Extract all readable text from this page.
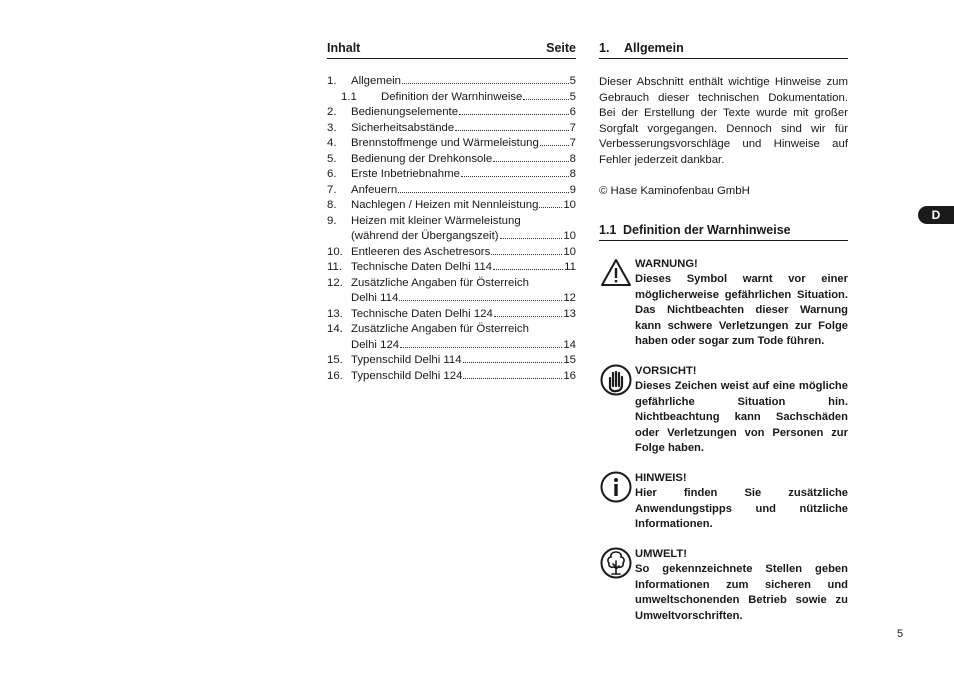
Inhalt	Seite
1.	Allgemein	5
1.1	Definition der Warnhinweise	5
2.	Bedienungselemente	6
3.	Sicherheitsabstände	7
4.	Brennstoffmenge und Wärmeleistung	7
5.	Bedienung der Drehkonsole	8
6.	Erste Inbetriebnahme	8
7.	Anfeuern	9
8.	Nachlegen / Heizen mit Nennleistung 10
9.	Heizen mit kleiner Wärmeleistung
(während der Übergangszeit)	10
10. Entleeren des Aschetresors	10
11. Technische Daten Delhi 114	11
12. Zusätzliche Angaben für Österreich
Delhi 114	12
13. Technische Daten Delhi 124	13
14. Zusätzliche Angaben für Österreich
Delhi 124	14
15. Typenschild Delhi 114	15
16. Typenschild Delhi 124	16
1.	Allgemein
Dieser Abschnitt enthält wichtige Hinweise zum Gebrauch dieser technischen Dokumentation. Bei der Erstellung der Texte wurde mit großer Sorgfalt vorgegangen. Dennoch sind wir für Verbesserungsvorschläge und Hinweise auf Fehler jederzeit dankbar.
© Hase Kaminofenbau GmbH
1.1 Definition der Warnhinweise
WARNUNG!
Dieses Symbol warnt vor einer möglicherweise gefährlichen Situation. Das Nichtbeachten dieser Warnung kann schwere Verletzungen zur Folge haben oder sogar zum Tode führen.
VORSICHT!
Dieses Zeichen weist auf eine mögliche gefährliche Situation hin. Nichtbeachtung kann Sachschäden oder Verletzungen von Personen zur Folge haben.
HINWEIS!
Hier finden Sie zusätzliche Anwendungstipps und nützliche Informationen.
UMWELT!
So gekennzeichnete Stellen geben Informationen zum sicheren und umweltschonenden Betrieb sowie zu Umweltvorschriften.
D
5
